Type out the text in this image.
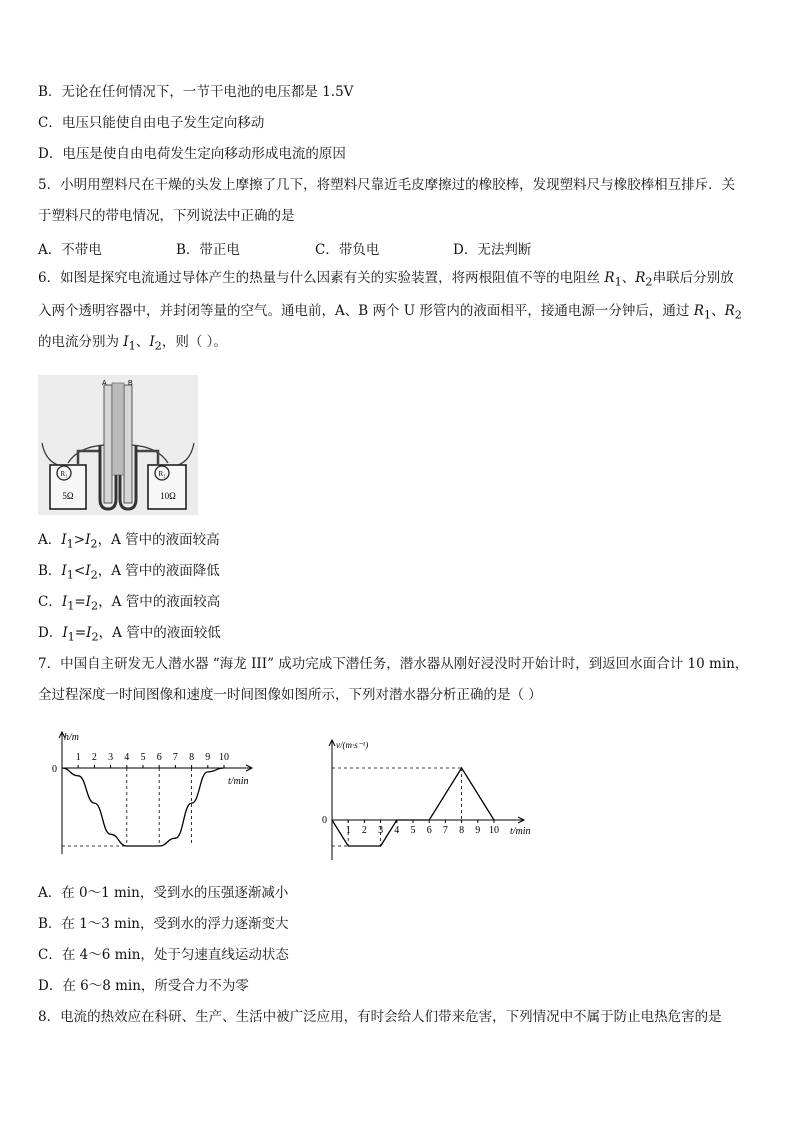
B．无论在任何情况下，一节干电池的电压都是 1.5V
C．电压只能使自由电子发生定向移动
D．电压是使自由电荷发生定向移动形成电流的原因
5．小明用塑料尺在干燥的头发上摩擦了几下，将塑料尺靠近毛皮摩擦过的橡胶棒，发现塑料尺与橡胶棒相互排斥．关
于塑料尺的带电情况，下列说法中正确的是
A．不带电	B．带正电	C．带负电	D．无法判断
6．如图是探究电流通过导体产生的热量与什么因素有关的实验装置，将两根阻值不等的电阻丝 $R_1$、$R_2$串联后分别放
入两个透明容器中，并封闭等量的空气。通电前，A、B 两个 U 形管内的液面相平，接通电源一分钟后，通过 $R_1$、$R_2$
的电流分别为 $I_1$、$I_2$，则（ ）。
R₁
5Ω
R₂
10Ω
A	B
A．$I_1>I_2$，A 管中的液面较高
B．$I_1<I_2$，A 管中的液面降低
C．$I_1=I_2$，A 管中的液面较高
D．$I_1=I_2$，A 管中的液面较低
7．中国自主研发无人潜水器 “海龙 III” 成功完成下潜任务，潜水器从刚好浸没时开始计时，到返回水面合计 10 min，
全过程深度一时间图像和速度一时间图像如图所示，下列对潜水器分析正确的是（ ）
h/m
t/min
0
1 2 3 4 5 6 7 8 9 10
v/(m·s⁻¹)
t/min
0
1 2 3 4 5 6 7 8 9 10
A．在 0～1 min，受到水的压强逐渐减小
B．在 1～3 min，受到水的浮力逐渐变大
C．在 4～6 min，处于匀速直线运动状态
D．在 6～8 min，所受合力不为零
8．电流的热效应在科研、生产、生活中被广泛应用，有时会给人们带来危害，下列情况中不属于防止电热危害的是
